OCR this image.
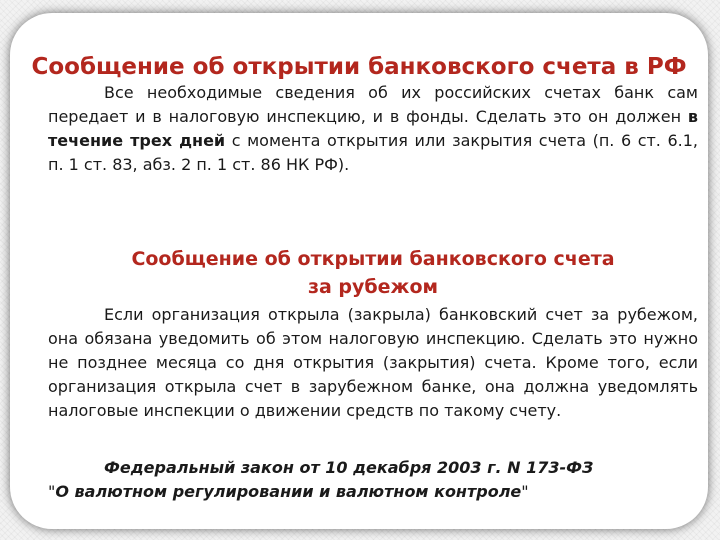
Сообщение об открытии банковского счета в РФ
Все необходимые сведения об их российских счетах банк сам передает и в налоговую инспекцию, и в фонды. Сделать это он должен в течение трех дней с момента открытия или закрытия счета (п. 6 ст. 6.1, п. 1 ст. 83, абз. 2 п. 1 ст. 86 НК РФ).
Сообщение об открытии банковского счета
за рубежом
Если организация открыла (закрыла) банковский счет за рубежом, она обязана уведомить об этом налоговую инспекцию. Сделать это нужно не позднее месяца со дня открытия (закрытия) счета. Кроме того, если организация открыла счет в зарубежном банке, она должна уведомлять налоговые инспекции о движении средств по такому счету.
Федеральный закон от 10 декабря 2003 г. N 173-ФЗ
"О валютном регулировании и валютном контроле"
